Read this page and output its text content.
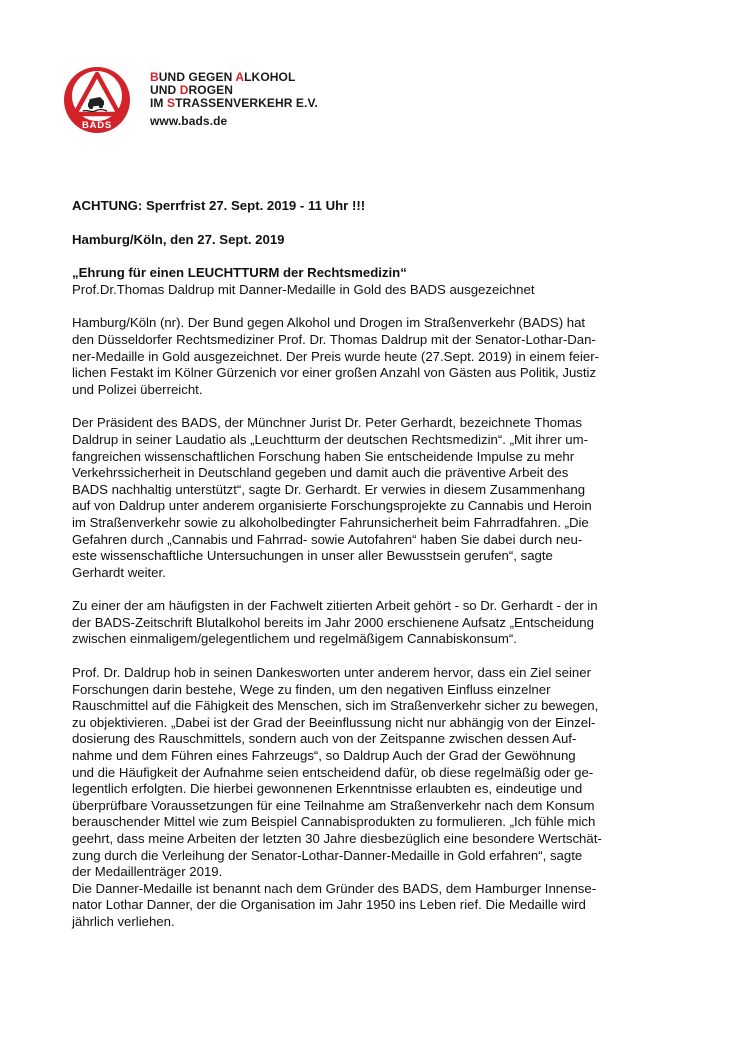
BADS
BUND GEGEN ALKOHOL
UND DROGEN
IM STRASSENVERKEHR E.V.
www.bads.de

ACHTUNG: Sperrfrist 27. Sept. 2019 - 11 Uhr !!!

Hamburg/Köln, den 27. Sept. 2019

„Ehrung für einen LEUCHTTURM der Rechtsmedizin“

Prof.Dr.Thomas Daldrup mit Danner-Medaille in Gold des BADS ausgezeichnet

Hamburg/Köln (nr). Der Bund gegen Alkohol und Drogen im Straßenverkehr (BADS) hat
den Düsseldorfer Rechtsmediziner Prof. Dr. Thomas Daldrup mit der Senator-Lothar-Dan-
ner-Medaille in Gold ausgezeichnet. Der Preis wurde heute (27.Sept. 2019) in einem feier-
lichen Festakt im Kölner Gürzenich vor einer großen Anzahl von Gästen aus Politik, Justiz
und Polizei überreicht.
Der Präsident des BADS, der Münchner Jurist Dr. Peter Gerhardt, bezeichnete Thomas
Daldrup in seiner Laudatio als „Leuchtturm der deutschen Rechtsmedizin“. „Mit ihrer um-
fangreichen wissenschaftlichen Forschung haben Sie entscheidende Impulse zu mehr
Verkehrssicherheit in Deutschland gegeben und damit auch die präventive Arbeit des
BADS nachhaltig unterstützt“, sagte Dr. Gerhardt. Er verwies in diesem Zusammenhang
auf von Daldrup unter anderem organisierte Forschungsprojekte zu Cannabis und Heroin
im Straßenverkehr sowie zu alkoholbedingter Fahrunsicherheit beim Fahrradfahren. „Die
Gefahren durch „Cannabis und Fahrrad- sowie Autofahren“ haben Sie dabei durch neu-
este wissenschaftliche Untersuchungen in unser aller Bewusstsein gerufen“, sagte
Gerhardt weiter.
Zu einer der am häufigsten in der Fachwelt zitierten Arbeit gehört - so Dr. Gerhardt - der in
der BADS-Zeitschrift Blutalkohol bereits im Jahr 2000 erschienene Aufsatz „Entscheidung
zwischen einmaligem/gelegentlichem und regelmäßigem Cannabiskonsum“.
Prof. Dr. Daldrup hob in seinen Dankesworten unter anderem hervor, dass ein Ziel seiner
Forschungen darin bestehe, Wege zu finden, um den negativen Einfluss einzelner
Rauschmittel auf die Fähigkeit des Menschen, sich im Straßenverkehr sicher zu bewegen,
zu objektivieren. „Dabei ist der Grad der Beeinflussung nicht nur abhängig von der Einzel-
dosierung des Rauschmittels, sondern auch von der Zeitspanne zwischen dessen Auf-
nahme und dem Führen eines Fahrzeugs“, so Daldrup Auch der Grad der Gewöhnung
und die Häufigkeit der Aufnahme seien entscheidend dafür, ob diese regelmäßig oder ge-
legentlich erfolgten. Die hierbei gewonnenen Erkenntnisse erlaubten es, eindeutige und
überprüfbare Voraussetzungen für eine Teilnahme am Straßenverkehr nach dem Konsum
berauschender Mittel wie zum Beispiel Cannabisprodukten zu formulieren. „Ich fühle mich
geehrt, dass meine Arbeiten der letzten 30 Jahre diesbezüglich eine besondere Wertschät-
zung durch die Verleihung der Senator-Lothar-Danner-Medaille in Gold erfahren“, sagte
der Medaillenträger 2019.
Die Danner-Medaille ist benannt nach dem Gründer des BADS, dem Hamburger Innense-
nator Lothar Danner, der die Organisation im Jahr 1950 ins Leben rief. Die Medaille wird
jährlich verliehen.
